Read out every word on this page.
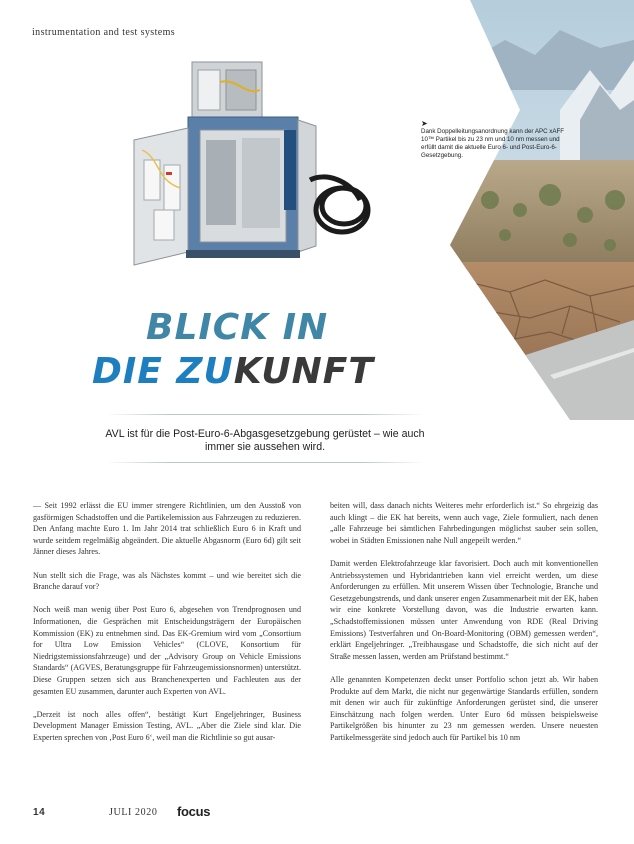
instrumentation and test systems
➤
Dank Doppelleitungsanordnung kann der APC xAFF 10™ Partikel bis zu 23 nm und 10 nm messen und erfüllt damit die aktuelle Euro 6- und Post-Euro-6-Gesetzgebung.
BLICK IN
DIE ZUKUNFT
AVL ist für die Post-Euro-6-Abgasgesetzgebung gerüstet – wie auch immer sie aussehen wird.

— Seit 1992 erlässt die EU immer strengere Richtlinien, um den Ausstoß von gasförmigen Schadstoffen und die Partikelemission aus Fahrzeugen zu reduzieren. Den Anfang machte Euro 1. Im Jahr 2014 trat schließlich Euro 6 in Kraft und wurde seitdem regelmäßig abgeändert. Die aktuelle Abgasnorm (Euro 6d) gilt seit Jänner dieses Jahres.

Nun stellt sich die Frage, was als Nächstes kommt – und wie bereitet sich die Branche darauf vor?

Noch weiß man wenig über Post Euro 6, abgesehen von Trendprognosen und Informationen, die Gesprächen mit Entscheidungsträgern der Europäischen Kommission (EK) zu entnehmen sind. Das EK-Gremium wird vom „Consortium for Ultra Low Emission Vehicles“ (CLOVE, Konsortium für Niedrigstemissionsfahrzeuge) und der „Advisory Group on Vehicle Emissions Standards“ (AGVES, Beratungsgruppe für Fahrzeugemissionsnormen) unterstützt. Diese Gruppen setzen sich aus Branchenexperten und Fachleuten aus der gesamten EU zusammen, darunter auch Experten von AVL.

„Derzeit ist noch alles offen“, bestätigt Kurt Engeljehringer, Business Development Manager Emission Testing, AVL. „Aber die Ziele sind klar. Die Experten sprechen von ‚Post Euro 6‘, weil man die Richtlinie so gut ausar-

beiten will, dass danach nichts Weiteres mehr erforderlich ist.“ So ehrgeizig das auch klingt – die EK hat bereits, wenn auch vage, Ziele formuliert, nach denen „alle Fahrzeuge bei sämtlichen Fahrbedingungen möglichst sauber sein sollen, wobei in Städten Emissionen nahe Null angepeilt werden.“

Damit werden Elektrofahrzeuge klar favorisiert. Doch auch mit konventionellen Antriebssystemen und Hybridantrieben kann viel erreicht werden, um diese Anforderungen zu erfüllen. Mit unserem Wissen über Technologie, Branche und Gesetzgebungstrends, und dank unserer engen Zusammenarbeit mit der EK, haben wir eine konkrete Vorstellung davon, was die Industrie erwarten kann. „Schadstoffemissionen müssen unter Anwendung von RDE (Real Driving Emissions) Testverfahren und On-Board-Monitoring (OBM) gemessen werden“, erklärt Engeljehringer. „Treibhausgase und Schadstoffe, die sich nicht auf der Straße messen lassen, werden am Prüfstand bestimmt.“

Alle genannten Kompetenzen deckt unser Portfolio schon jetzt ab. Wir haben Produkte auf dem Markt, die nicht nur gegenwärtige Standards erfüllen, sondern mit denen wir auch für zukünftige Anforderungen gerüstet sind, die unserer Einschätzung nach folgen werden. Unter Euro 6d müssen beispielsweise Partikelgrößen bis hinunter zu 23 nm gemessen werden. Unsere neuesten Partikelmessgeräte sind jedoch auch für Partikel bis 10 nm

14	JULI 2020 focus
